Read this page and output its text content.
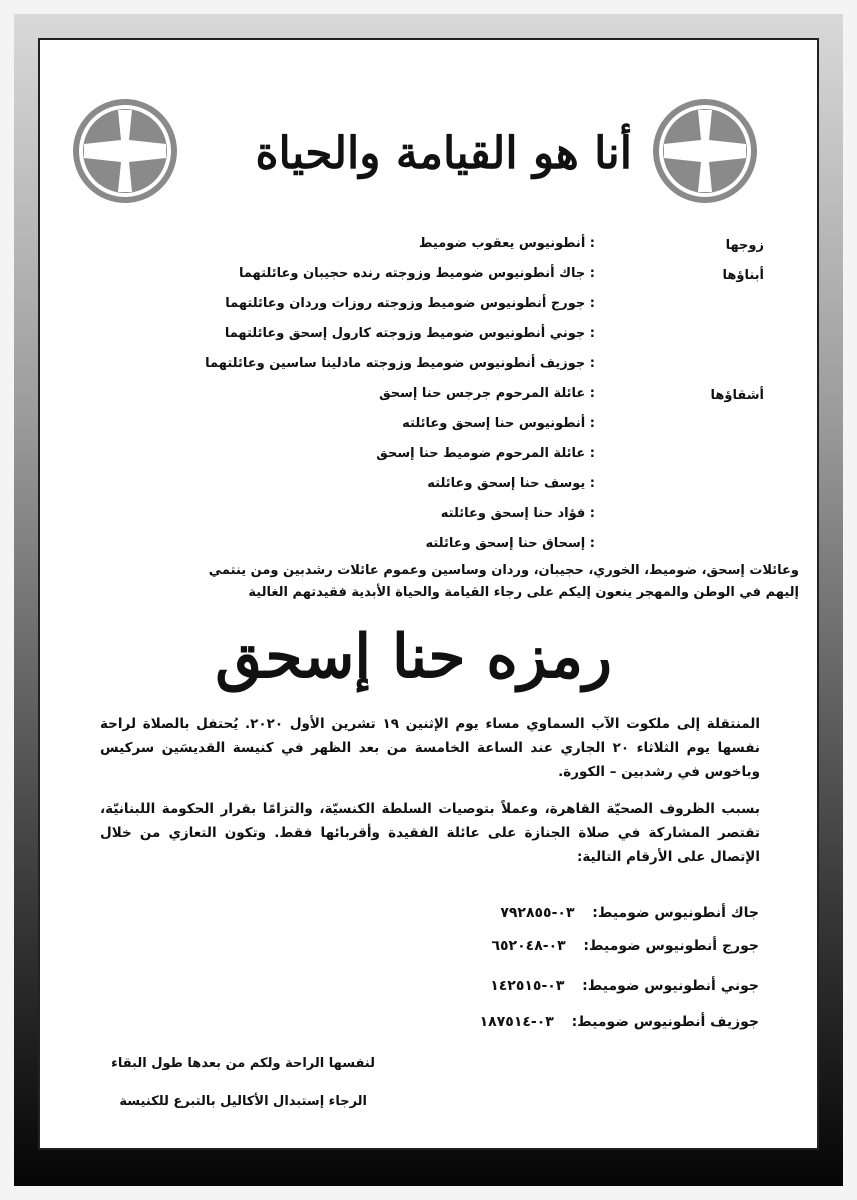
أنا هو القيامة والحياة
زوجها
: أنطونيوس يعقوب ضوميط
أبناؤها
: جاك أنطونيوس ضوميط وزوجته رنده حجيبان وعائلتهما
: جورج أنطونيوس ضوميط وزوجته روزات وردان وعائلتهما
: جوني أنطونيوس ضوميط وزوجته كارول إسحق وعائلتهما
: جوزيف أنطونيوس ضوميط وزوجته مادلينا ساسين وعائلتهما
أشقاؤها
: عائلة المرحوم جرجس حنا إسحق
: أنطونيوس حنا إسحق وعائلته
: عائلة المرحوم ضوميط حنا إسحق
: يوسف حنا إسحق وعائلته
: فؤاد حنا إسحق وعائلته
: إسحاق حنا إسحق وعائلته
وعائلات إسحق، ضوميط، الخوري، حجيبان، وردان وساسين وعموم عائلات رشدبين ومن ينتمي
إليهم في الوطن والمهجر ينعون إليكم على رجاء القيامة والحياة الأبدية فقيدتهم الغالية
رمزه حنا إسحق
المنتقلة إلى ملكوت الآب السماوي مساء يوم الإثنين ١٩ تشرين الأول ٢٠٢٠. يُحتفل بالصلاة لراحة نفسها يوم الثلاثاء ٢٠ الجاري عند الساعة الخامسة من بعد الظهر في كنيسة القديسَين سركيس وباخوس في رشدبين – الكورة.
بسبب الظروف الصحيّة القاهرة، وعملاً بتوصيات السلطة الكنسيّة، والتزامًا بقرار الحكومة اللبنانيّة، تقتصر المشاركة في صلاة الجنازة على عائلة الفقيدة وأقربائها فقط. وتكون التعازي من خلال الإتصال على الأرقام التالية:
جاك أنطونيوس ضوميط:  ٠٣-٧٩٢٨٥٥
جورج أنطونيوس ضوميط:  ٠٣-٦٥٢٠٤٨
جوني أنطونيوس ضوميط:  ٠٣-١٤٢٥١٥
جوزيف أنطونيوس ضوميط:  ٠٣-١٨٧٥١٤
لنفسها الراحة ولكم من بعدها طول البقاء
الرجاء إستبدال الأكاليل بالتبرع للكنيسة
